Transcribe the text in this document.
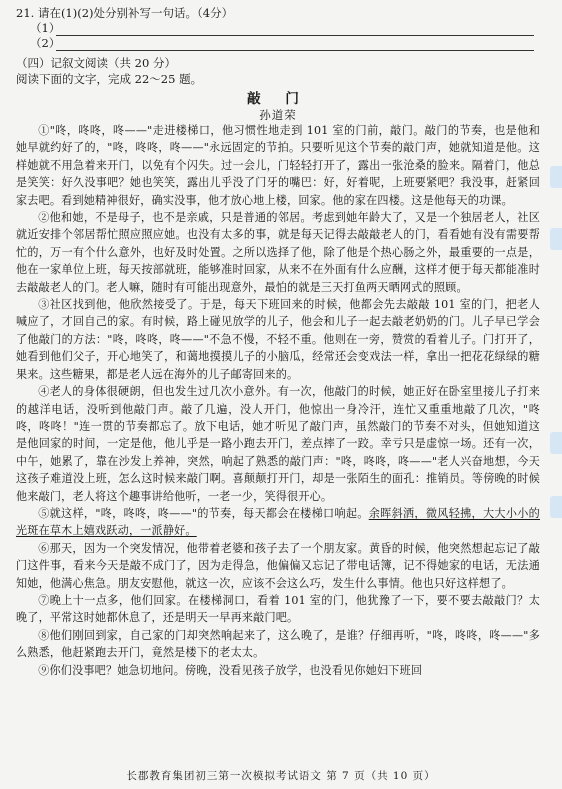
21. 请在(1)(2)处分别补写一句话。（4分）
（1）
（2）
（四）记叙文阅读（共 20 分）
阅读下面的文字，完成 22～25 题。
敲 门
孙道荣

①"咚，咚咚，咚——"走进楼梯口，他习惯性地走到 101 室的门前，敲门。敲门的节奏，也是他和她早就约好了的，"咚，咚咚，咚——"永远固定的节拍。只要听见这个节奏的敲门声，她就知道是他。这样她就不用急着来开门，以免有个闪失。过一会儿，门轻轻打开了，露出一张沧桑的脸来。隔着门，他总是笑笑：好久没事吧？她也笑笑，露出儿乎没了门牙的嘴巴：好，好着呢，上班要紧吧？我没事，赶紧回家去吧。看到她精神很好，确实没事，他才放心地上楼，回家。他的家在四楼。这是他每天的功课。

②他和她，不是母子，也不是亲戚，只是普通的邻居。考虑到她年龄大了，又是一个独居老人，社区就近安排个邻居帮忙照应照应她。也没有太多的事，就是每天记得去敲敲老人的门，看看她有没有需要帮忙的，万一有个什么意外，也好及时处置。之所以选择了他，除了他是个热心肠之外，最重要的一点是，他在一家单位上班，每天按部就班，能够准时回家，从来不在外面有什么应酬，这样才便于每天都能准时去敲敲老人的门。老人嘛，随时有可能出现意外，最怕的就是三天打鱼两天晒网式的照顾。

③社区找到他，他欣然接受了。于是，每天下班回来的时候，他都会先去敲敲 101 室的门，把老人喊应了，才回自己的家。有时候，路上碰见放学的儿子，他会和儿子一起去敲老奶奶的门。儿子早已学会了他敲门的方法："咚，咚咚，咚——"不急不慢，不轻不重。他则在一旁，赞赏的看着儿子。门打开了，她看到他们父子，开心地笑了，和蔼地摸摸儿子的小脑瓜，经常还会变戏法一样，拿出一把花花绿绿的糖果来。这些糖果，都是老人远在海外的儿子邮寄回来的。

④老人的身体很硬朗，但也发生过几次小意外。有一次，他敲门的时候，她正好在卧室里接儿子打来的越洋电话，没听到他敲门声。敲了几遍，没人开门，他惊出一身冷汗，连忙又重重地敲了几次，"咚咚，咚咚！"连一贯的节奏都忘了。放下电话，她才听见了敲门声，虽然敲门的节奏不对头，但她知道这是他回家的时间，一定是他，他儿乎是一路小跑去开门，差点摔了一跤。幸亏只是虚惊一场。还有一次，中午，她累了，靠在沙发上养神，突然，响起了熟悉的敲门声："咚，咚咚，咚——"老人兴奋地想，今天这孩子难道没上班，怎么这时候来敲门啊。喜颠颠打开门，却是一张陌生的面孔：推销员。等傍晚的时候他来敲门，老人将这个趣事讲给他听，一老一少，笑得很开心。

⑤就这样，"咚，咚咚，咚——"的节奏，每天都会在楼梯口响起。余晖斜洒，微风轻拂，大大小小的光斑在草木上嬉戏跃动，一派静好。

⑥那天，因为一个突发情况，他带着老婆和孩子去了一个朋友家。黄昏的时候，他突然想起忘记了敲门这件事，看来今天是敲不成门了，因为走得急，他偏偏又忘记了带电话簿，记不得她家的电话，无法通知她，他满心焦急。朋友安慰他，就这一次，应该不会这么巧，发生什么事情。他也只好这样想了。

⑦晚上十一点多，他们回家。在楼梯洞口，看着 101 室的门，他犹豫了一下，要不要去敲敲门？太晚了，平常这时她都休息了，还是明天一早再来敲门吧。

⑧他们刚回到家，自己家的门却突然响起来了，这么晚了，是谁？仔细再听，"咚，咚咚，咚——"多么熟悉，他赶紧跑去开门，竟然是楼下的老太太。

⑨你们没事吧？她急切地问。傍晚，没看见孩子放学，也没看见你她妇下班回

长郡教育集团初三第一次模拟考试语文 第 7 页（共 10 页）
